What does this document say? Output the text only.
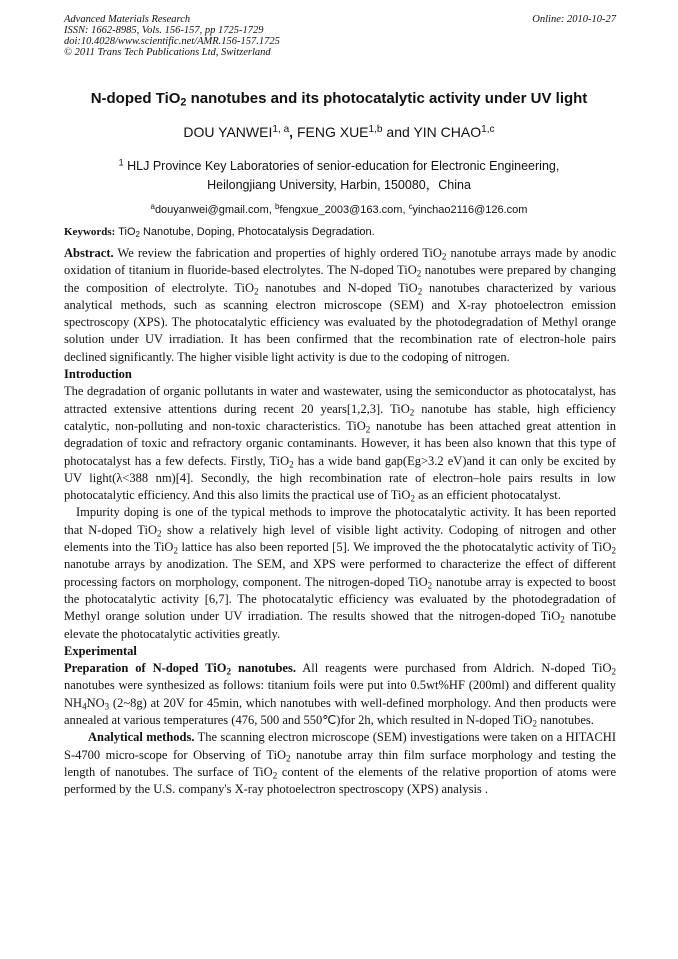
Advanced Materials Research
ISSN: 1662-8985, Vols. 156-157, pp 1725-1729
doi:10.4028/www.scientific.net/AMR.156-157.1725
© 2011 Trans Tech Publications Ltd, Switzerland
Online: 2010-10-27
N-doped TiO$_2$ nanotubes and its photocatalytic activity under UV light
DOU YANWEI$^{1, a}$, FENG XUE$^{1,b}$ and YIN CHAO$^{1,c}$
$^1$ HLJ Province Key Laboratories of senior-education for Electronic Engineering,
Heilongjiang University, Harbin, 150080，China
$^a$douyanwei@gmail.com, $^b$fengxue_2003@163.com, $^c$yinchao2116@126.com
Keywords: TiO$_2$ Nanotube, Doping, Photocatalysis Degradation.

Abstract. We review the fabrication and properties of highly ordered TiO$_2$ nanotube arrays made by anodic oxidation of titanium in fluoride-based electrolytes. The N-doped TiO$_2$ nanotubes were prepared by changing the composition of electrolyte. TiO$_2$ nanotubes and N-doped TiO$_2$ nanotubes characterized by various analytical methods, such as scanning electron microscope (SEM) and X-ray photoelectron emission spectroscopy (XPS). The photocatalytic efficiency was evaluated by the photodegradation of Methyl orange solution under UV irradiation. It has been confirmed that the recombination rate of electron-hole pairs declined significantly. The higher visible light activity is due to the codoping of nitrogen.

Introduction

The degradation of organic pollutants in water and wastewater, using the semiconductor as photocatalyst, has attracted extensive attentions during recent 20 years[1,2,3]. TiO$_2$ nanotube has stable, high efficiency catalytic, non-polluting and non-toxic characteristics. TiO$_2$ nanotube has been attached great attention in degradation of toxic and refractory organic contaminants. However, it has been also known that this type of photocatalyst has a few defects. Firstly, TiO$_2$ has a wide band gap(Eg>3.2 eV)and it can only be excited by UV light(λ<388 nm)[4]. Secondly, the high recombination rate of electron–hole pairs results in low photocatalytic efficiency. And this also limits the practical use of TiO$_2$ as an efficient photocatalyst.

Impurity doping is one of the typical methods to improve the photocatalytic activity. It has been reported that N-doped TiO$_2$ show a relatively high level of visible light activity. Codoping of nitrogen and other elements into the TiO$_2$ lattice has also been reported [5]. We improved the the photocatalytic activity of TiO$_2$ nanotube arrays by anodization. The SEM, and XPS were performed to characterize the effect of different processing factors on morphology, component. The nitrogen-doped TiO$_2$ nanotube array is expected to boost the photocatalytic activity [6,7]. The photocatalytic efficiency was evaluated by the photodegradation of Methyl orange solution under UV irradiation. The results showed that the nitrogen-doped TiO$_2$ nanotube elevate the photocatalytic activities greatly.

Experimental

Preparation of N-doped TiO$_2$ nanotubes. All reagents were purchased from Aldrich. N-doped TiO$_2$ nanotubes were synthesized as follows: titanium foils were put into 0.5wt%HF (200ml) and different quality $NH_4NO_3$ (2~8g) at 20V for 45min, which nanotubes with well-defined morphology. And then products were annealed at various temperatures (476, 500 and 550℃)for 2h, which resulted in N-doped TiO$_2$ nanotubes.

Analytical methods. The scanning electron microscope (SEM) investigations were taken on a HITACHI S-4700 micro-scope for Observing of TiO$_2$ nanotube array thin film surface morphology and testing the length of nanotubes. The surface of TiO$_2$ content of the elements of the relative proportion of atoms were performed by the U.S. company's X-ray photoelectron spectroscopy (XPS) analysis .
